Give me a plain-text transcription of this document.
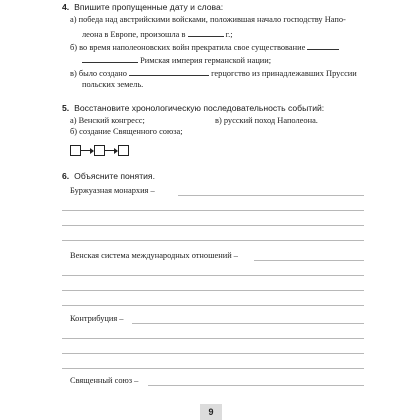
4. Впишите пропущенные дату и слова:
а) победа над австрийскими войсками, положившая начало господству Напо-
леона в Европе, произошла в	г.;
б) во время наполеоновских войн прекратила свое существование
Римская империя германской нации;
в) было создано	герцогство из принадлежавших Пруссии
польских земель.
5. Восстановите хронологическую последовательность событий:
а) Венский конгресс;	в) русский поход Наполеона.
б) создание Священного союза;
6. Объясните понятия.
Буржуазная монархия –
Венская система международных отношений –
Контрибуция –
Священный союз –
9
